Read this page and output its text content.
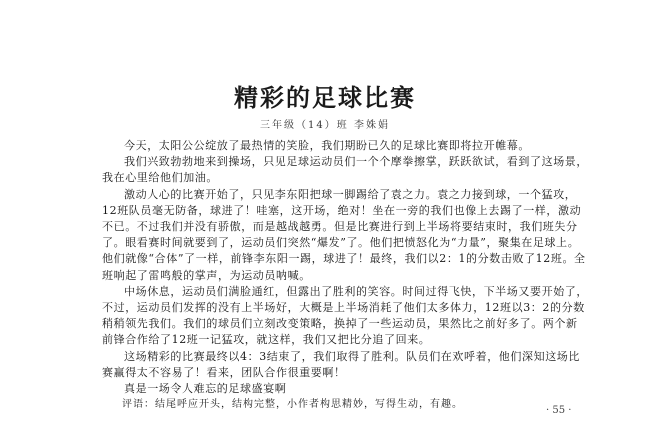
精彩的足球比赛
三年级（14）班 李姝娟

今天，太阳公公绽放了最热情的笑脸，我们期盼已久的足球比赛即将拉开帷幕。

我们兴致勃勃地来到操场，只见足球运动员们一个个摩拳擦掌，跃跃欲试，看到了这场景，我在心里给他们加油。

激动人心的比赛开始了，只见李东阳把球一脚踢给了袁之力。袁之力接到球，一个猛攻，12班队员毫无防备，球进了！哇塞，这开场，绝对！坐在一旁的我们也像上去踢了一样，激动不已。不过我们并没有骄傲，而是越战越勇。但是比赛进行到上半场将要结束时，我们班失分了。眼看赛时间就要到了，运动员们突然“爆发”了。他们把愤怒化为“力量”，聚集在足球上。他们就像“合体”了一样，前锋李东阳一踢，球进了！最终，我们以2：1的分数击败了12班。全班响起了雷鸣般的掌声，为运动员呐喊。

中场休息，运动员们满脸通红，但露出了胜利的笑容。时间过得飞快，下半场又要开始了，不过，运动员们发挥的没有上半场好，大概是上半场消耗了他们太多体力，12班以3：2的分数稍稍领先我们。我们的球员们立刻改变策略，换掉了一些运动员，果然比之前好多了。两个新前锋合作给了12班一记猛攻，就这样，我们又把比分追了回来。

这场精彩的比赛最终以4：3结束了，我们取得了胜利。队员们在欢呼着，他们深知这场比赛赢得太不容易了！看来，团队合作很重要啊！

真是一场令人难忘的足球盛宴啊

评语：结尾呼应开头，结构完整，小作者构思精妙，写得生动，有趣。

· 55 ·
